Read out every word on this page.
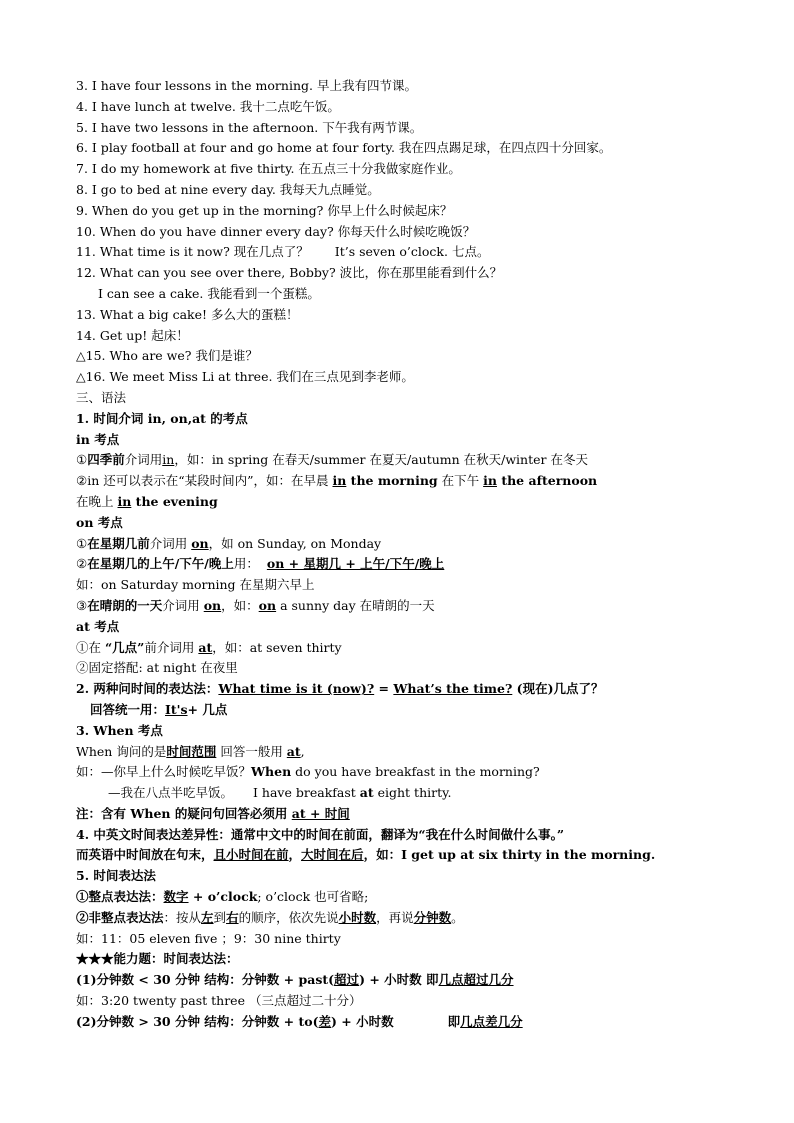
3. I have four lessons in the morning. 早上我有四节课。
4. I have lunch at twelve. 我十二点吃午饭。
5. I have two lessons in the afternoon. 下午我有两节课。
6. I play football at four and go home at four forty. 我在四点踢足球，在四点四十分回家。
7. I do my homework at five thirty. 在五点三十分我做家庭作业。
8. I go to bed at nine every day. 我每天九点睡觉。
9. When do you get up in the morning? 你早上什么时候起床？
10. When do you have dinner every day? 你每天什么时候吃晚饭？
11. What time is it now? 现在几点了？ It’s seven o’clock. 七点。
12. What can you see over there, Bobby? 波比，你在那里能看到什么？
I can see a cake. 我能看到一个蛋糕。
13. What a big cake! 多么大的蛋糕！
14. Get up! 起床！
△15. Who are we? 我们是谁？
△16. We meet Miss Li at three. 我们在三点见到李老师。
三、语法
1. 时间介词 in, on,at 的考点
in 考点
①四季前介词用in，如：in spring 在春天/summer 在夏天/autumn 在秋天/winter 在冬天
②in 还可以表示在“某段时间内”，如：在早晨 in the morning 在下午 in the afternoon
在晚上 in the evening
on 考点
①在星期几前介词用 on，如 on Sunday, on Monday
②在星期几的上午/下午/晚上用： on + 星期几 + 上午/下午/晚上
如：on Saturday morning 在星期六早上
③在晴朗的一天介词用 on，如：on a sunny day 在晴朗的一天
at 考点
①在 “几点”前介词用 at，如：at seven thirty
②固定搭配: at night 在夜里
2. 两种问时间的表达法：What time is it (now)? = What’s the time? (现在)几点了？
回答统一用：It's+ 几点
3. When 考点
When 询问的是时间范围 回答一般用 at,
如：—你早上什么时候吃早饭？When do you have breakfast in the morning?
—我在八点半吃早饭。 I have breakfast at eight thirty.
注：含有 When 的疑问句回答必须用 at + 时间
4. 中英文时间表达差异性：通常中文中的时间在前面，翻译为“我在什么时间做什么事。”
而英语中时间放在句末，且小时间在前，大时间在后，如：I get up at six thirty in the morning.
5. 时间表达法
①整点表达法：数字 + o’clock; o’clock 也可省略;
②非整点表达法：按从左到右的顺序，依次先说小时数，再说分钟数。
如：11：05 eleven five ；9：30 nine thirty
★★★能力题：时间表达法：
(1)分钟数 < 30 分钟 结构：分钟数 + past(超过) + 小时数 即几点超过几分
如：3:20 twenty past three （三点超过二十分）
(2)分钟数 > 30 分钟 结构：分钟数 + to(差) + 小时数	即几点差几分
